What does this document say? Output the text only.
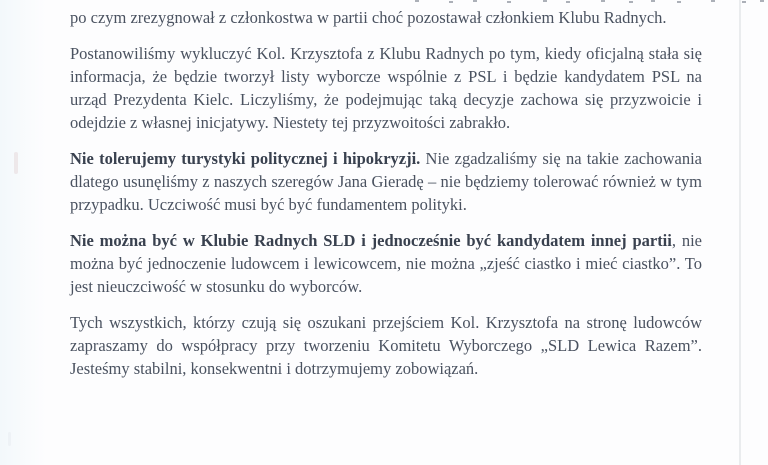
po czym zrezygnował z członkostwa w partii choć pozostawał członkiem Klubu Radnych.

Postanowiliśmy wykluczyć Kol. Krzysztofa z Klubu Radnych po tym, kiedy oficjalną stała się informacja, że będzie tworzył listy wyborcze wspólnie z PSL i będzie kandydatem PSL na urząd Prezydenta Kielc. Liczyliśmy, że podejmując taką decyzje zachowa się przyzwoicie i odejdzie z własnej inicjatywy. Niestety tej przyzwoitości zabrakło.

Nie tolerujemy turystyki politycznej i hipokryzji. Nie zgadzaliśmy się na takie zachowania dlatego usunęliśmy z naszych szeregów Jana Gieradę – nie będziemy tolerować również w tym przypadku. Uczciwość musi być być fundamentem polityki.

Nie można być w Klubie Radnych SLD i jednocześnie być kandydatem innej partii, nie można być jednoczenie ludowcem i lewicowcem, nie można „zjeść ciastko i mieć ciastko”. To jest nieuczciwość w stosunku do wyborców.

Tych wszystkich, którzy czują się oszukani przejściem Kol. Krzysztofa na stronę ludowców zapraszamy do współpracy przy tworzeniu Komitetu Wyborczego „SLD Lewica Razem”. Jesteśmy stabilni, konsekwentni i dotrzymujemy zobowiązań.
